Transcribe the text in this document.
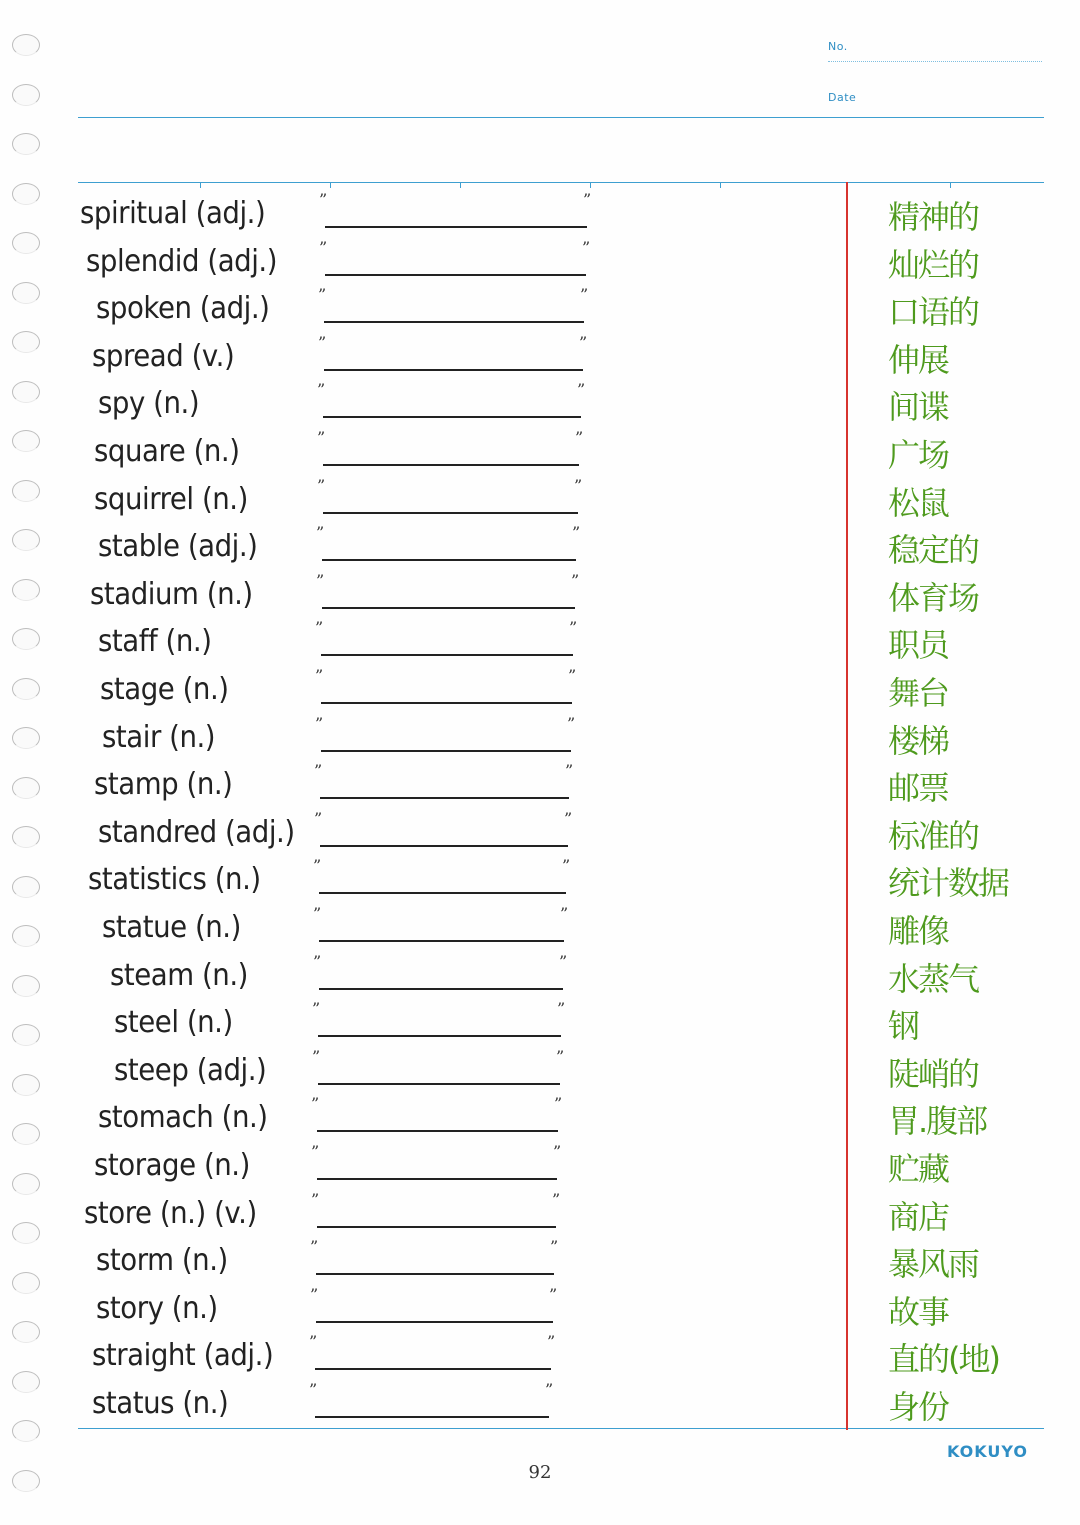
No.
Date
spiritual (adj.)	”	”	精神的
splendid (adj.)	”	”	灿烂的
spoken (adj.)	”	”	口语的
spread (v.)	”	”	伸展
spy (n.)	”	”	间谍
square (n.)	”	”	广场
squirrel (n.)	”	”	松鼠
stable (adj.)	”	”	稳定的
stadium (n.)	”	”	体育场
staff (n.)	”	”	职员
stage (n.)	”	”	舞台
stair (n.)	”	”	楼梯
stamp (n.)	”	”	邮票
standred (adj.)	”	”	标准的
statistics (n.)	”	”	统计数据
statue (n.)	”	”	雕像
steam (n.)	”	”	水蒸气
steel (n.)	”	”	钢
steep (adj.)	”	”	陡峭的
stomach (n.)	”	”	胃.腹部
storage (n.)	”	”	贮藏
store (n.) (v.)	”	”	商店
storm (n.)	”	”	暴风雨
story (n.)	”	”	故事
straight (adj.)	”	”	直的(地)
status (n.)	”	”	身份
92
KOKUYO
